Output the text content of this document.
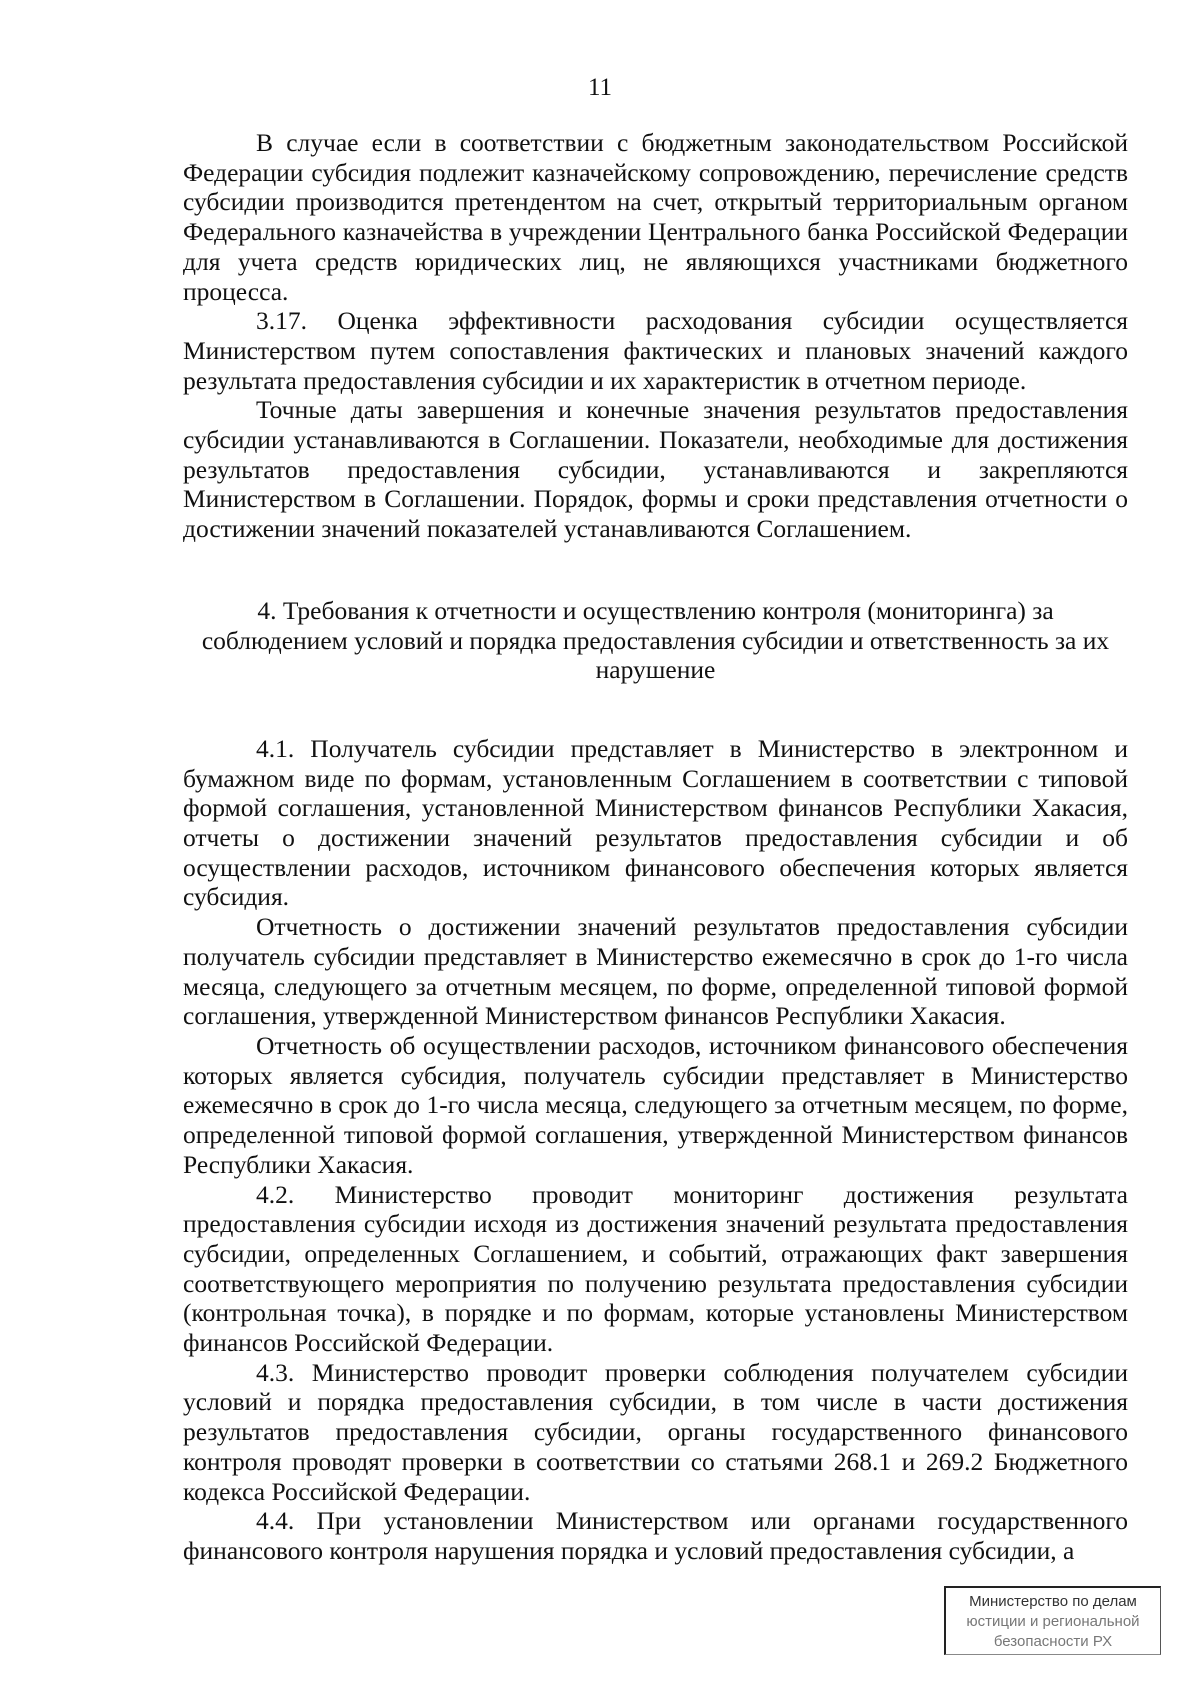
11

В случае если в соответствии с бюджетным законодательством Российской Федерации субсидия подлежит казначейскому сопровождению, перечисление средств субсидии производится претендентом на счет, открытый территориальным органом Федерального казначейства в учреждении Центрального банка Российской Федерации для учета средств юридических лиц, не являющихся участниками бюджетного процесса.

3.17. Оценка эффективности расходования субсидии осуществляется Министерством путем сопоставления фактических и плановых значений каждого результата предоставления субсидии и их характеристик в отчетном периоде.

Точные даты завершения и конечные значения результатов предоставления субсидии устанавливаются в Соглашении. Показатели, необходимые для достижения результатов предоставления субсидии, устанавливаются и закрепляются Министерством в Соглашении. Порядок, формы и сроки представления отчетности о достижении значений показателей устанавливаются Соглашением.

4. Требования к отчетности и осуществлению контроля (мониторинга) за соблюдением условий и порядка предоставления субсидии и ответственность за их нарушение

4.1. Получатель субсидии представляет в Министерство в электронном и бумажном виде по формам, установленным Соглашением в соответствии с типовой формой соглашения, установленной Министерством финансов Республики Хакасия, отчеты о достижении значений результатов предоставления субсидии и об осуществлении расходов, источником финансового обеспечения которых является субсидия.

Отчетность о достижении значений результатов предоставления субсидии получатель субсидии представляет в Министерство ежемесячно в срок до 1-го числа месяца, следующего за отчетным месяцем, по форме, определенной типовой формой соглашения, утвержденной Министерством финансов Республики Хакасия.

Отчетность об осуществлении расходов, источником финансового обеспечения которых является субсидия, получатель субсидии представляет в Министерство ежемесячно в срок до 1-го числа месяца, следующего за отчетным месяцем, по форме, определенной типовой формой соглашения, утвержденной Министерством финансов Республики Хакасия.

4.2. Министерство проводит мониторинг достижения результата предоставления субсидии исходя из достижения значений результата предоставления субсидии, определенных Соглашением, и событий, отражающих факт завершения соответствующего мероприятия по получению результата предоставления субсидии (контрольная точка), в порядке и по формам, которые установлены Министерством финансов Российской Федерации.

4.3. Министерство проводит проверки соблюдения получателем субсидии условий и порядка предоставления субсидии, в том числе в части достижения результатов предоставления субсидии, органы государственного финансового контроля проводят проверки в соответствии со статьями 268.1 и 269.2 Бюджетного кодекса Российской Федерации.

4.4. При установлении Министерством или органами государственного финансового контроля нарушения порядка и условий предоставления субсидии, а

Министерство по делам
юстиции и региональной
безопасности РХ
